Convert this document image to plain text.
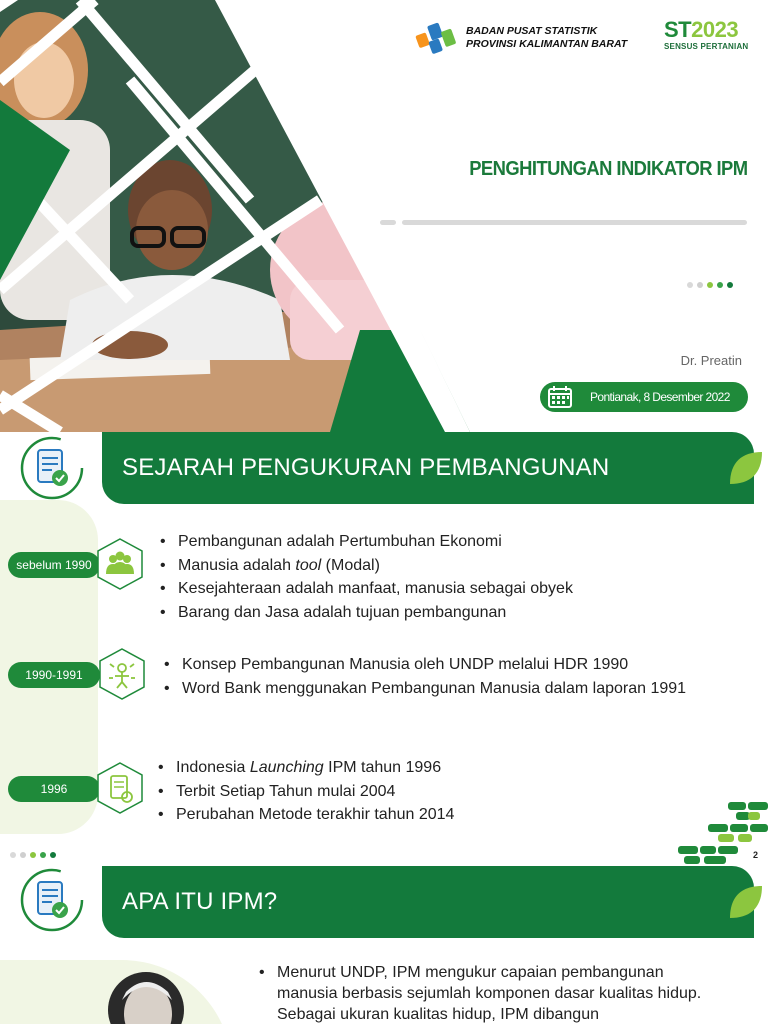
BADAN PUSAT STATISTIK
PROVINSI KALIMANTAN BARAT
ST2023
SENSUS PERTANIAN
PENGHITUNGAN INDIKATOR IPM
Dr. Preatin
Pontianak, 8 Desember 2022
SEJARAH PENGUKURAN PEMBANGUNAN
sebelum 1990
• Pembangunan adalah Pertumbuhan Ekonomi
• Manusia adalah tool (Modal)
• Kesejahteraan adalah manfaat, manusia sebagai obyek
• Barang dan Jasa adalah tujuan pembangunan
1990-1991
• Konsep Pembangunan Manusia oleh UNDP melalui HDR 1990
• Word Bank menggunakan Pembangunan Manusia dalam laporan 1991
1996
• Indonesia Launching IPM tahun 1996
• Terbit Setiap Tahun mulai 2004
• Perubahan Metode terakhir tahun 2014
2
APA ITU IPM?
• Menurut UNDP, IPM mengukur capaian pembangunan manusia berbasis sejumlah komponen dasar kualitas hidup. Sebagai ukuran kualitas hidup, IPM dibangun
